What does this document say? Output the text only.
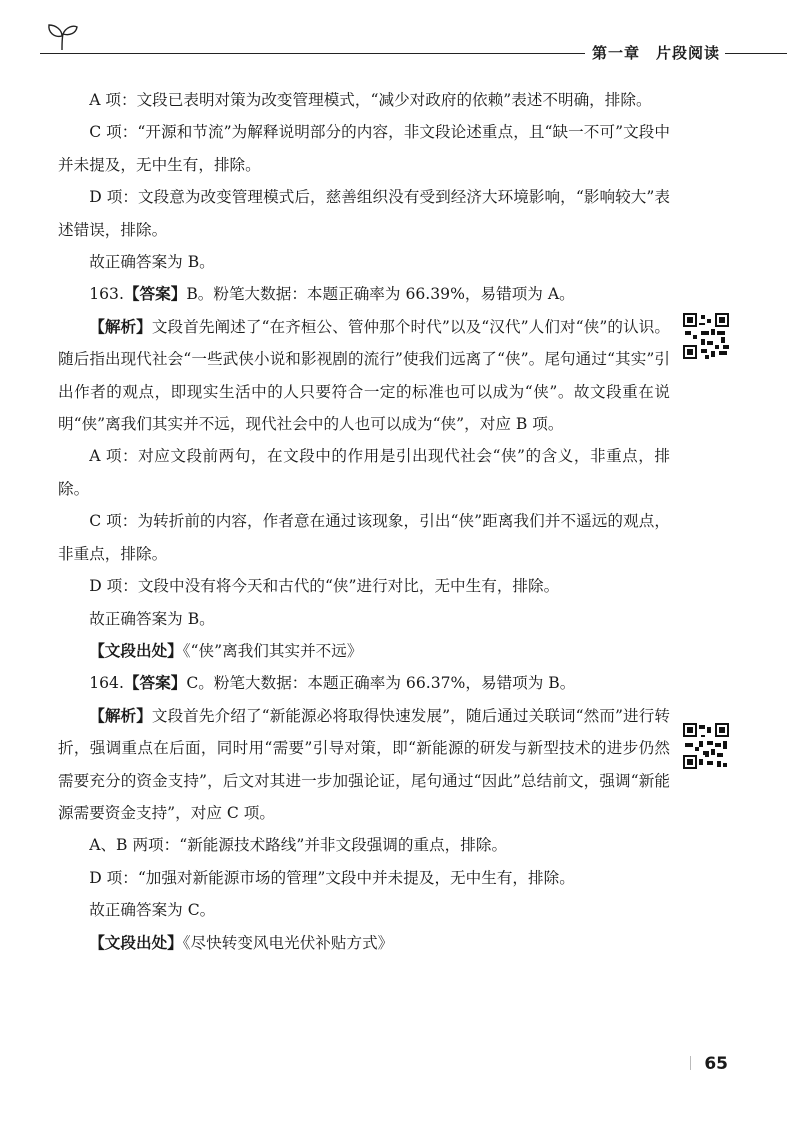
第一章　片段阅读

A 项：文段已表明对策为改变管理模式，“减少对政府的依赖”表述不明确，排除。

C 项：“开源和节流”为解释说明部分的内容，非文段论述重点，且“缺一不可”文段中并未提及，无中生有，排除。

D 项：文段意为改变管理模式后，慈善组织没有受到经济大环境影响，“影响较大”表述错误，排除。

故正确答案为 B。

163.【答案】B。粉笔大数据：本题正确率为 66.39%，易错项为 A。

【解析】文段首先阐述了“在齐桓公、管仲那个时代”以及“汉代”人们对“侠”的认识。随后指出现代社会“一些武侠小说和影视剧的流行”使我们远离了“侠”。尾句通过“其实”引出作者的观点，即现实生活中的人只要符合一定的标准也可以成为“侠”。故文段重在说明“侠”离我们其实并不远，现代社会中的人也可以成为“侠”，对应 B 项。

A 项：对应文段前两句，在文段中的作用是引出现代社会“侠”的含义，非重点，排除。

C 项：为转折前的内容，作者意在通过该现象，引出“侠”距离我们并不遥远的观点，非重点，排除。

D 项：文段中没有将今天和古代的“侠”进行对比，无中生有，排除。

故正确答案为 B。

【文段出处】《“侠”离我们其实并不远》

164.【答案】C。粉笔大数据：本题正确率为 66.37%，易错项为 B。

【解析】文段首先介绍了“新能源必将取得快速发展”，随后通过关联词“然而”进行转折，强调重点在后面，同时用“需要”引导对策，即“新能源的研发与新型技术的进步仍然需要充分的资金支持”，后文对其进一步加强论证，尾句通过“因此”总结前文，强调“新能源需要资金支持”，对应 C 项。

A、B 两项：“新能源技术路线”并非文段强调的重点，排除。

D 项：“加强对新能源市场的管理”文段中并未提及，无中生有，排除。

故正确答案为 C。

【文段出处】《尽快转变风电光伏补贴方式》

65
